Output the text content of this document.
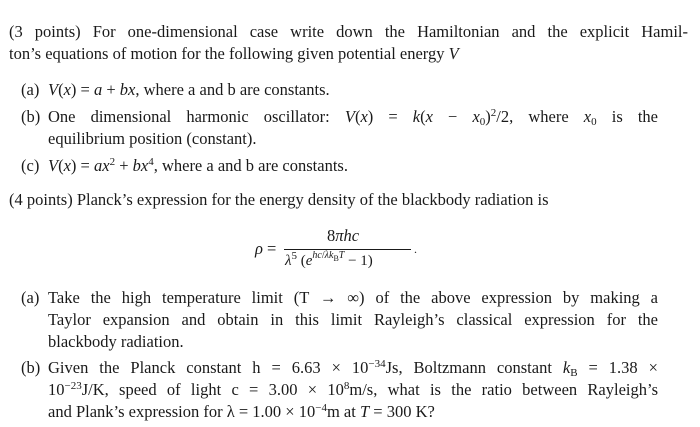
(3 points) For one-dimensional case write down the Hamiltonian and the explicit Hamil-
ton’s equations of motion for the following given potential energy V
(a) V(x) = a + bx, where a and b are constants.
(b) One dimensional harmonic oscillator: $V(x) = k(x - x_0)^2/2$, where $x_0$ is the
equilibrium position (constant).
(c) $V(x) = ax^2 + bx^4$, where a and b are constants.
(4 points) Planck’s expression for the energy density of the blackbody radiation is
ρ =
8πhc
$\lambda^5$ $(e^{hc/\lambda k_BT} - 1)$
.
(a) Take the high temperature limit (T → ∞) of the above expression by making a
Taylor expansion and obtain in this limit Rayleigh’s classical expression for the
blackbody radiation.
(b) Given the Planck constant $h = 6.63 \times 10^{-34}Js$, Boltzmann constant $k_B = 1.38$ ×
$10^{-23}J/K$, speed of light $c = 3.00 \times 10^8m/s$, what is the ratio between Rayleigh’s
and Plank’s expression for $\lambda = 1.00 \times 10^{-4}m$ at T = 300 K?
